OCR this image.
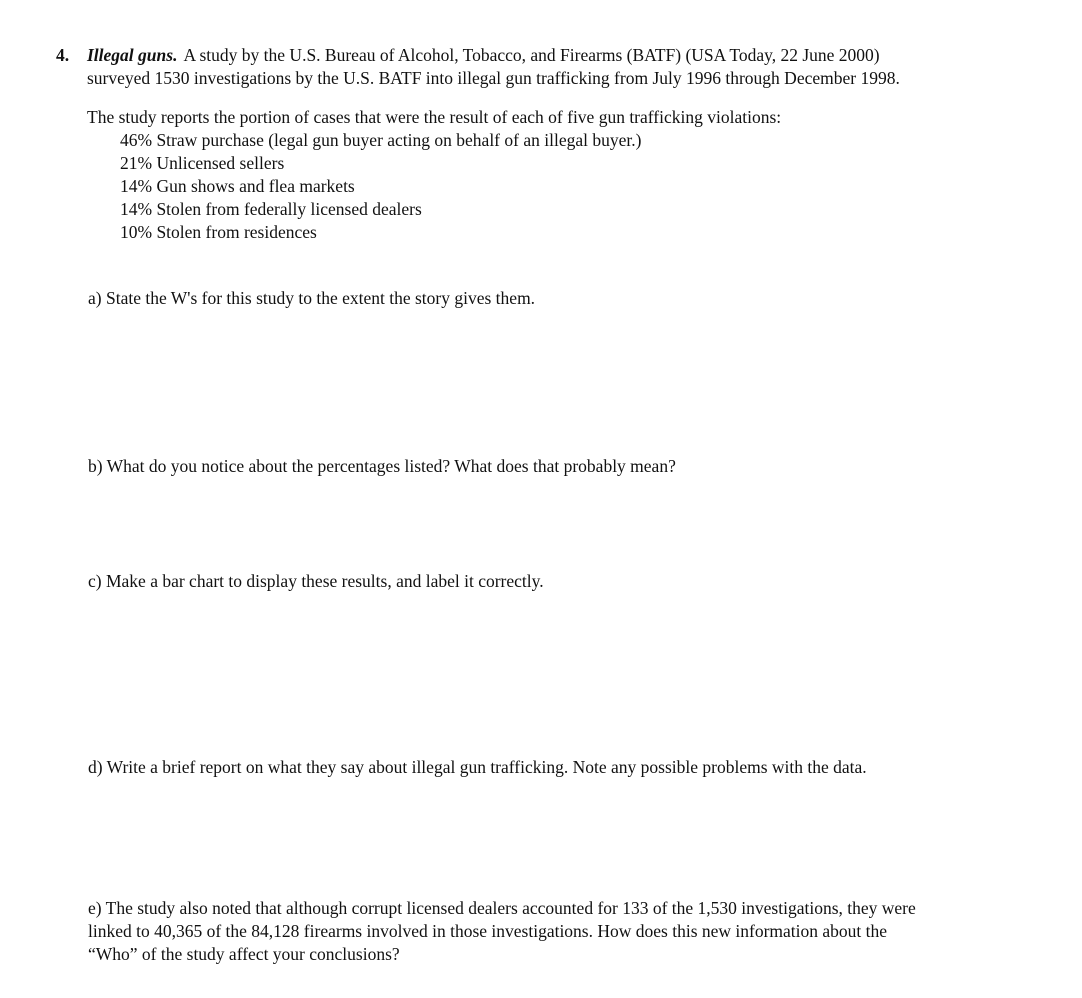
4.	Illegal guns. A study by the U.S. Bureau of Alcohol, Tobacco, and Firearms (BATF) (USA Today, 22 June 2000)
surveyed 1530 investigations by the U.S. BATF into illegal gun trafficking from July 1996 through December 1998.
The study reports the portion of cases that were the result of each of five gun trafficking violations:
46% Straw purchase (legal gun buyer acting on behalf of an illegal buyer.)
21% Unlicensed sellers
14% Gun shows and flea markets
14% Stolen from federally licensed dealers
10% Stolen from residences
a) State the W's for this study to the extent the story gives them.
b) What do you notice about the percentages listed? What does that probably mean?
c) Make a bar chart to display these results, and label it correctly.
d) Write a brief report on what they say about illegal gun trafficking. Note any possible problems with the data.
e) The study also noted that although corrupt licensed dealers accounted for 133 of the 1,530 investigations, they were
linked to 40,365 of the 84,128 firearms involved in those investigations. How does this new information about the
“Who” of the study affect your conclusions?
